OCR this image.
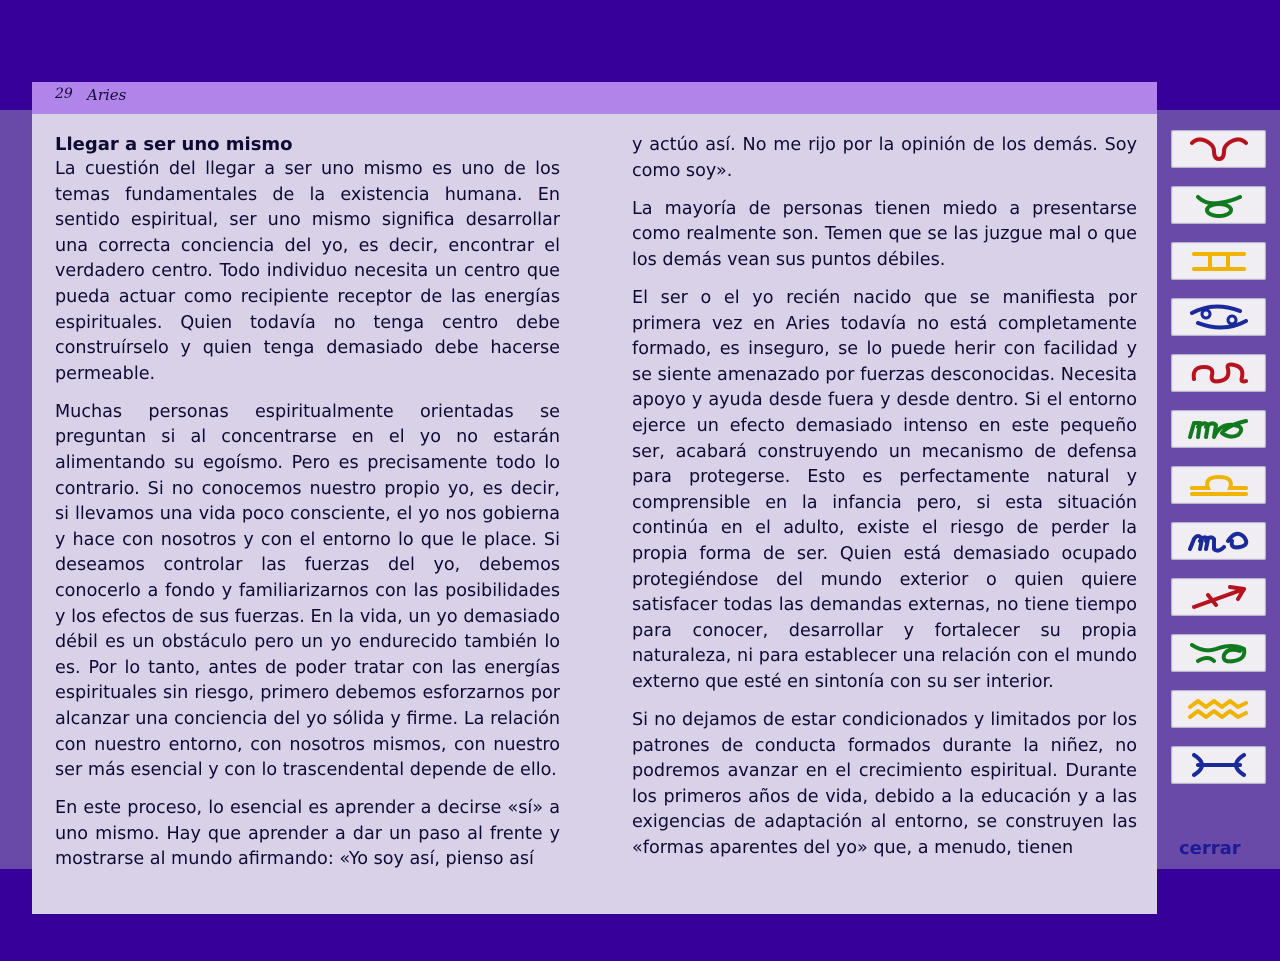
29 Aries
Llegar a ser uno mismo

La cuestión del llegar a ser uno mismo es uno de los temas fundamentales de la existencia humana. En sentido espiritual, ser uno mismo significa desarrollar una correcta conciencia del yo, es decir, encontrar el verdadero centro. Todo individuo necesita un centro que pueda actuar como recipiente receptor de las energías espirituales. Quien todavía no tenga centro debe construírselo y quien tenga demasiado debe hacerse permeable.

Muchas personas espiritualmente orientadas se preguntan si al concentrarse en el yo no estarán alimentando su egoísmo. Pero es precisamente todo lo contrario. Si no conocemos nuestro propio yo, es decir, si llevamos una vida poco consciente, el yo nos gobierna y hace con nosotros y con el entorno lo que le place. Si deseamos controlar las fuerzas del yo, debemos conocerlo a fondo y familiarizarnos con las posibilidades y los efectos de sus fuerzas. En la vida, un yo demasiado débil es un obstáculo pero un yo endurecido también lo es. Por lo tanto, antes de poder tratar con las energías espirituales sin riesgo, primero debemos esforzarnos por alcanzar una conciencia del yo sólida y firme. La relación con nuestro entorno, con nosotros mismos, con nuestro ser más esencial y con lo trascendental depende de ello.

En este proceso, lo esencial es aprender a decirse «sí» a uno mismo. Hay que aprender a dar un paso al frente y mostrarse al mundo afirmando: «Yo soy así, pienso así

y actúo así. No me rijo por la opinión de los demás. Soy como soy».

La mayoría de personas tienen miedo a presentarse como realmente son. Temen que se las juzgue mal o que los demás vean sus puntos débiles.

El ser o el yo recién nacido que se manifiesta por primera vez en Aries todavía no está completamente formado, es inseguro, se lo puede herir con facilidad y se siente amenazado por fuerzas desconocidas. Necesita apoyo y ayuda desde fuera y desde dentro. Si el entorno ejerce un efecto demasiado intenso en este pequeño ser, acabará construyendo un mecanismo de defensa para protegerse. Esto es perfectamente natural y comprensible en la infancia pero, si esta situación continúa en el adulto, existe el riesgo de perder la propia forma de ser. Quien está demasiado ocupado protegiéndose del mundo exterior o quien quiere satisfacer todas las demandas externas, no tiene tiempo para conocer, desarrollar y fortalecer su propia naturaleza, ni para establecer una relación con el mundo externo que esté en sintonía con su ser interior.

Si no dejamos de estar condicionados y limitados por los patrones de conducta formados durante la niñez, no podremos avanzar en el crecimiento espiritual. Durante los primeros años de vida, debido a la educación y a las exigencias de adaptación al entorno, se construyen las «formas aparentes del yo» que, a menudo, tienen	cerrar
